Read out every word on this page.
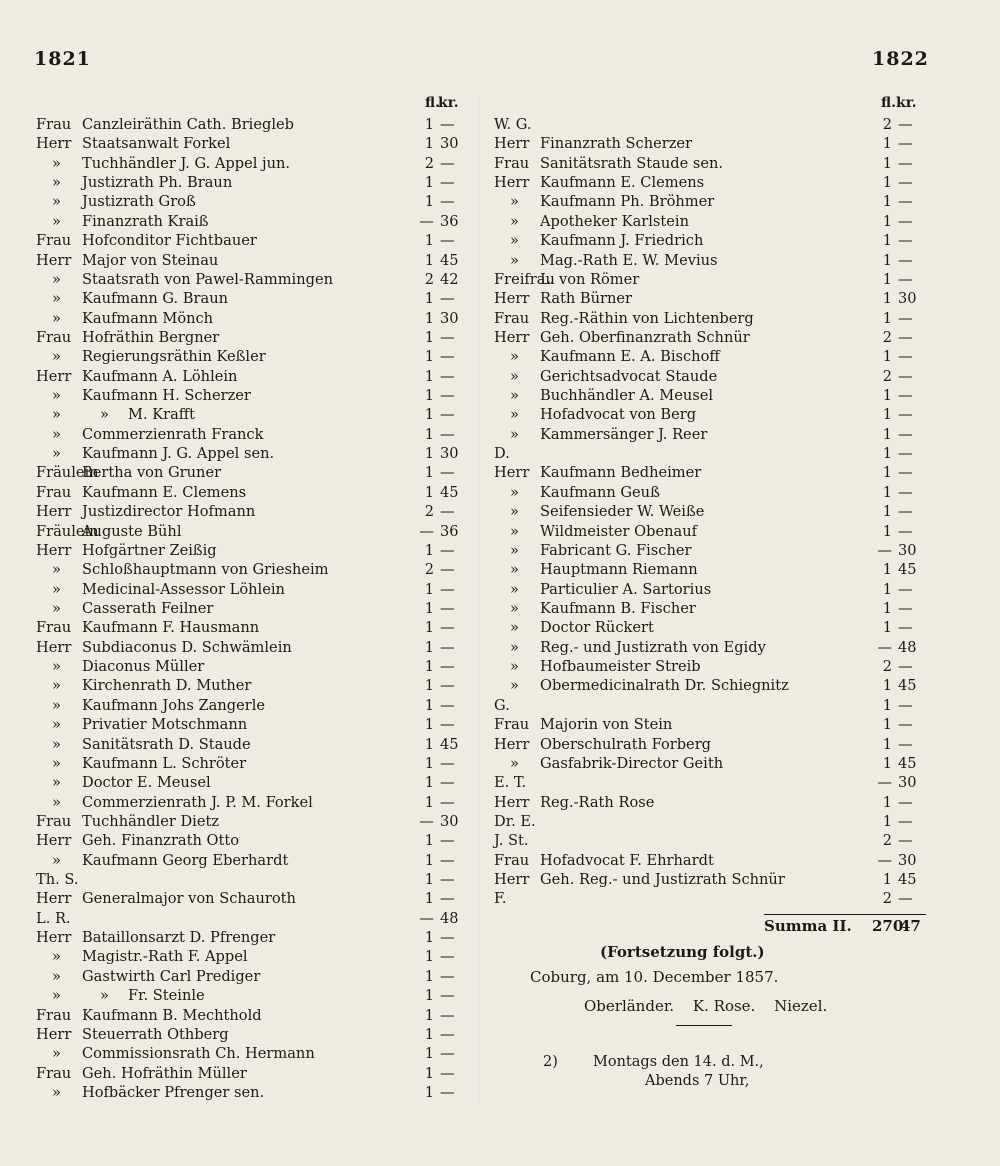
1821	1822
fl.
kr.
Frau Canzleiräthin Cath. Briegleb	1 —
Herr Staatsanwalt Forkel	1 30
» Tuchhändler J. G. Appel jun.	2 —
» Justizrath Ph. Braun	1 —
» Justizrath Groß	1 —
» Finanzrath Kraiß	— 36
Frau Hofconditor Fichtbauer	1 —
Herr Major von Steinau	1 45
» Staatsrath von Pawel-Rammingen	2 42
» Kaufmann G. Braun	1 —
» Kaufmann Mönch	1 30
Frau Hofräthin Bergner	1 —
» Regierungsräthin Keßler	1 —
Herr Kaufmann A. Löhlein	1 —
» Kaufmann H. Scherzer	1 —
»	» M. Krafft	1 —
» Commerzienrath Franck	1 —
» Kaufmann J. G. Appel sen.	1 30
FräuleinBertha von Gruner	1 —
Frau Kaufmann E. Clemens	1 45
Herr Justizdirector Hofmann	2 —
FräuleinAuguste Bühl	— 36
Herr Hofgärtner Zeißig	1 —
» Schloßhauptmann von Griesheim	2 —
» Medicinal-Assessor Löhlein	1 —
» Casserath Feilner	1 —
Frau Kaufmann F. Hausmann	1 —
Herr Subdiaconus D. Schwämlein	1 —
» Diaconus Müller	1 —
» Kirchenrath D. Muther	1 —
» Kaufmann Johs Zangerle	1 —
» Privatier Motschmann	1 —
» Sanitätsrath D. Staude	1 45
» Kaufmann L. Schröter	1 —
» Doctor E. Meusel	1 —
» Commerzienrath J. P. M. Forkel	1 —
Frau Tuchhändler Dietz	— 30
Herr Geh. Finanzrath Otto	1 —
» Kaufmann Georg Eberhardt	1 —
Th. S.	1 —
Herr Generalmajor von Schauroth	1 —
L. R.	— 48
Herr Bataillonsarzt D. Pfrenger	1 —
» Magistr.-Rath F. Appel	1 —
» Gastwirth Carl Prediger	1 —
»	» Fr. Steinle	1 —
Frau Kaufmann B. Mechthold	1 —
Herr Steuerrath Othberg	1 —
» Commissionsrath Ch. Hermann	1 —
Frau Geh. Hofräthin Müller	1 —
» Hofbäcker Pfrenger sen.	1 —
fl. kr.
W. G.	2 —
Herr Finanzrath Scherzer	1 —
Frau Sanitätsrath Staude sen.	1 —
Herr Kaufmann E. Clemens	1 —
» Kaufmann Ph. Bröhmer	1 —
» Apotheker Karlstein	1 —
» Kaufmann J. Friedrich	1 —
» Mag.-Rath E. W. Mevius	1 —
FreifrauL. von Römer	1 —
Herr Rath Bürner	1 30
Frau Reg.-Räthin von Lichtenberg	1 —
Herr Geh. Oberfinanzrath Schnür	2 —
» Kaufmann E. A. Bischoff	1 —
» Gerichtsadvocat Staude	2 —
» Buchhändler A. Meusel	1 —
» Hofadvocat von Berg	1 —
» Kammersänger J. Reer	1 —
D.	1 —
Herr Kaufmann Bedheimer	1 —
» Kaufmann Geuß	1 —
» Seifensieder W. Weiße	1 —
» Wildmeister Obenauf	1 —
» Fabricant G. Fischer	— 30
» Hauptmann Riemann	1 45
» Particulier A. Sartorius	1 —
» Kaufmann B. Fischer	1 —
» Doctor Rückert	1 —
» Reg.- und Justizrath von Egidy	— 48
» Hofbaumeister Streib	2 —
» Obermedicinalrath Dr. Schiegnitz	1 45
G.	1 —
Frau Majorin von Stein	1 —
Herr Oberschulrath Forberg	1 —
» Gasfabrik-Director Geith	1 45
E. T.	— 30
Herr Reg.-Rath Rose	1 —
Dr. E.	1 —
J. St.	2 —
Frau Hofadvocat F. Ehrhardt	— 30
Herr Geh. Reg.- und Justizrath Schnür	1 45
F.	2 —
Summa II. 270
47
(Fortsetzung folgt.)
Coburg, am 10. December 1857.
Oberländer. K. Rose. Niezel.
2) Montags den 14. d. M.,
Abends 7 Uhr,
